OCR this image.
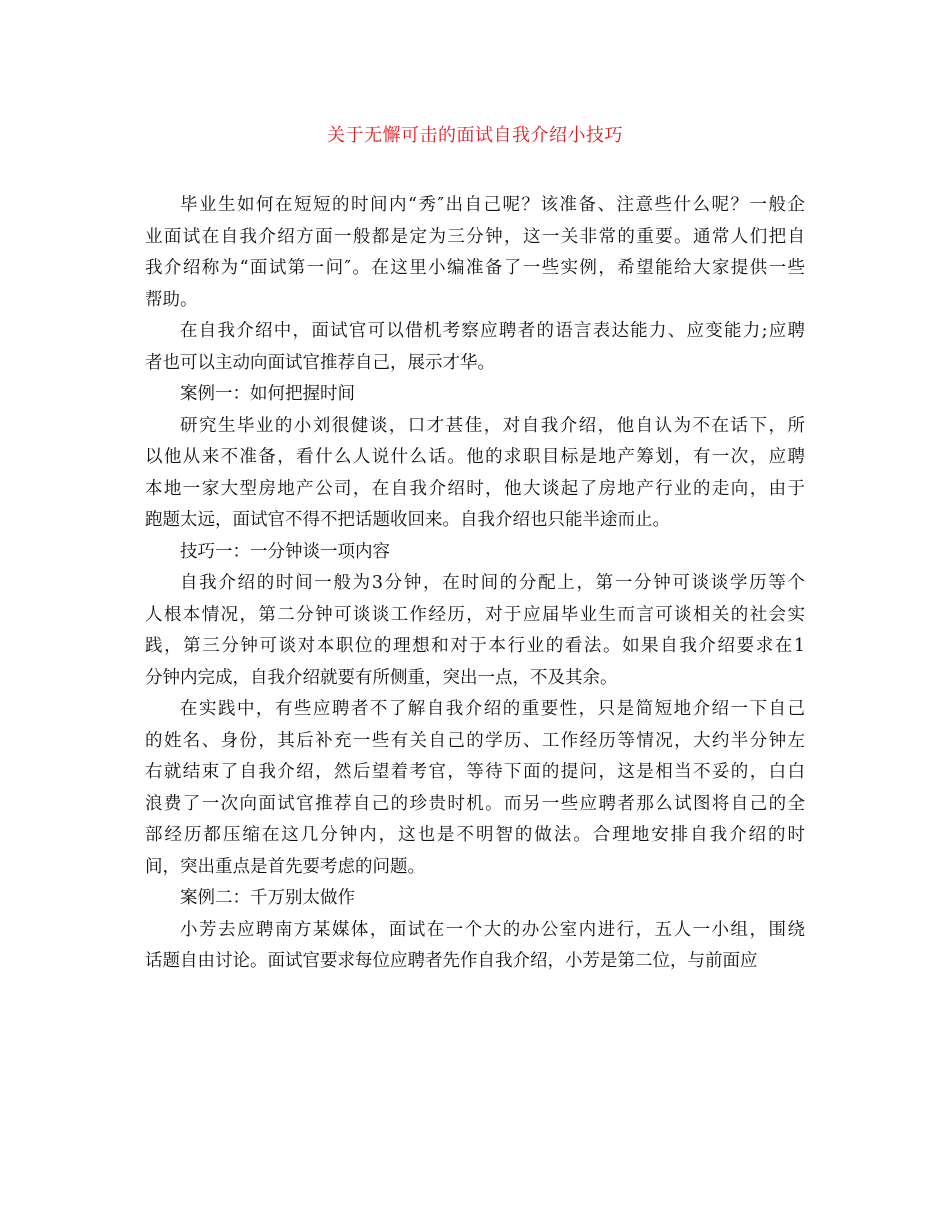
关于无懈可击的面试自我介绍小技巧

毕业生如何在短短的时间内“秀″出自己呢？该准备、注意些什么呢？一般企
业面试在自我介绍方面一般都是定为三分钟，这一关非常的重要。通常人们把自
我介绍称为“面试第一问″。在这里小编准备了一些实例，希望能给大家提供一些
帮助。

在自我介绍中，面试官可以借机考察应聘者的语言表达能力、应变能力;应聘
者也可以主动向面试官推荐自己，展示才华。

案例一：如何把握时间

研究生毕业的小刘很健谈，口才甚佳，对自我介绍，他自认为不在话下，所
以他从来不准备，看什么人说什么话。他的求职目标是地产筹划，有一次，应聘
本地一家大型房地产公司，在自我介绍时，他大谈起了房地产行业的走向，由于
跑题太远，面试官不得不把话题收回来。自我介绍也只能半途而止。

技巧一：一分钟谈一项内容

自我介绍的时间一般为3分钟，在时间的分配上，第一分钟可谈谈学历等个
人根本情况，第二分钟可谈谈工作经历，对于应届毕业生而言可谈相关的社会实
践，第三分钟可谈对本职位的理想和对于本行业的看法。如果自我介绍要求在1
分钟内完成，自我介绍就要有所侧重，突出一点，不及其余。

在实践中，有些应聘者不了解自我介绍的重要性，只是简短地介绍一下自己
的姓名、身份，其后补充一些有关自己的学历、工作经历等情况，大约半分钟左
右就结束了自我介绍，然后望着考官，等待下面的提问，这是相当不妥的，白白
浪费了一次向面试官推荐自己的珍贵时机。而另一些应聘者那么试图将自己的全
部经历都压缩在这几分钟内，这也是不明智的做法。合理地安排自我介绍的时
间，突出重点是首先要考虑的问题。

案例二：千万别太做作

小芳去应聘南方某媒体，面试在一个大的办公室内进行，五人一小组，围绕
话题自由讨论。面试官要求每位应聘者先作自我介绍，小芳是第二位，与前面应
